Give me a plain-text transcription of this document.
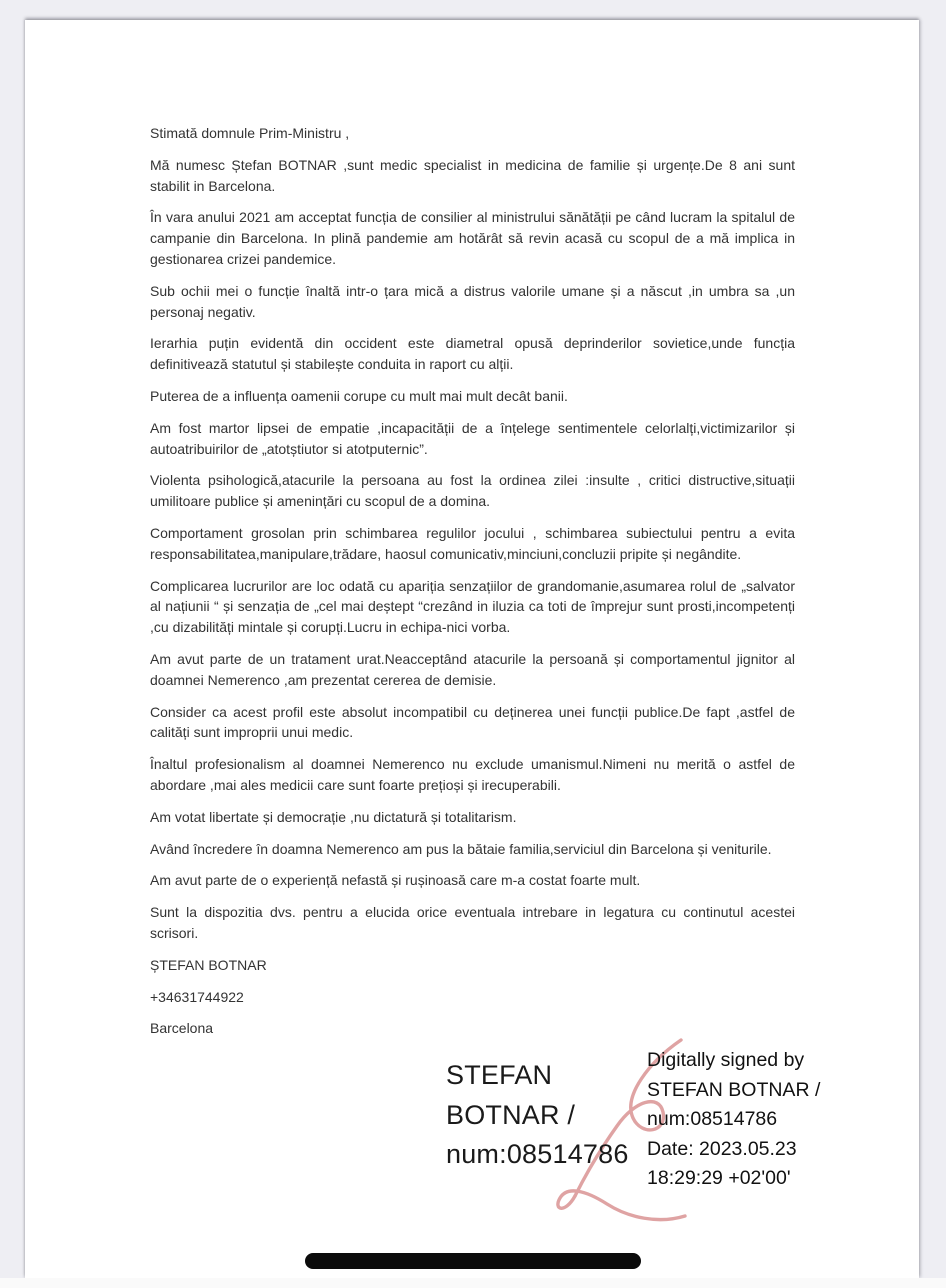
Stimată domnule Prim-Ministru ,

Mă numesc Ștefan BOTNAR ,sunt medic specialist in medicina de familie și urgențe.De 8 ani sunt stabilit in Barcelona.

În vara anului 2021 am acceptat funcția de consilier al ministrului sănătății pe când lucram la spitalul de campanie din Barcelona. In plină pandemie am hotărât să revin acasă cu scopul de a mă implica in gestionarea crizei pandemice.

Sub ochii mei o funcție înaltă intr-o țara mică a distrus valorile umane și a născut ,in umbra sa ,un personaj negativ.

Ierarhia puțin evidentă din occident este diametral opusă deprinderilor sovietice,unde funcția definitivează statutul și stabilește conduita in raport cu alții.

Puterea de a influența oamenii corupe cu mult mai mult decât banii.

Am fost martor lipsei de empatie ,incapacității de a înțelege sentimentele celorlalți,victimizarilor și autoatribuirilor de „atotștiutor si atotputernic”.

Violenta psihologică,atacurile la persoana au fost la ordinea zilei :insulte , critici distructive,situații umilitoare publice și amenințări cu scopul de a domina.

Comportament grosolan prin schimbarea regulilor jocului , schimbarea subiectului pentru a evita responsabilitatea,manipulare,trădare, haosul comunicativ,minciuni,concluzii pripite și negândite.

Complicarea lucrurilor are loc odată cu apariția senzațiilor de grandomanie,asumarea rolul de „salvator al națiunii “ și senzația de „cel mai deștept “crezând in iluzia ca toti de împrejur sunt prosti,incompetenți ,cu dizabilități mintale și corupți.Lucru in echipa-nici vorba.

Am avut parte de un tratament urat.Neacceptând atacurile la persoană și comportamentul jignitor al doamnei Nemerenco ,am prezentat cererea de demisie.

Consider ca acest profil este absolut incompatibil cu deținerea unei funcții publice.De fapt ,astfel de calități sunt improprii unui medic.

Înaltul profesionalism al doamnei Nemerenco nu exclude umanismul.Nimeni nu merită o astfel de abordare ,mai ales medicii care sunt foarte prețioși și irecuperabili.

Am votat libertate și democrație ,nu dictatură și totalitarism.

Având încredere în doamna Nemerenco am pus la bătaie familia,serviciul din Barcelona și veniturile.

Am avut parte de o experiență nefastă și rușinoasă care m-a costat foarte mult.

Sunt la dispozitia dvs. pentru a elucida orice eventuala intrebare in legatura cu continutul acestei scrisori.

ȘTEFAN BOTNAR

+34631744922

Barcelona

STEFAN
BOTNAR /
num:08514786
Digitally signed by
STEFAN BOTNAR /
num:08514786
Date: 2023.05.23
18:29:29 +02'00'
